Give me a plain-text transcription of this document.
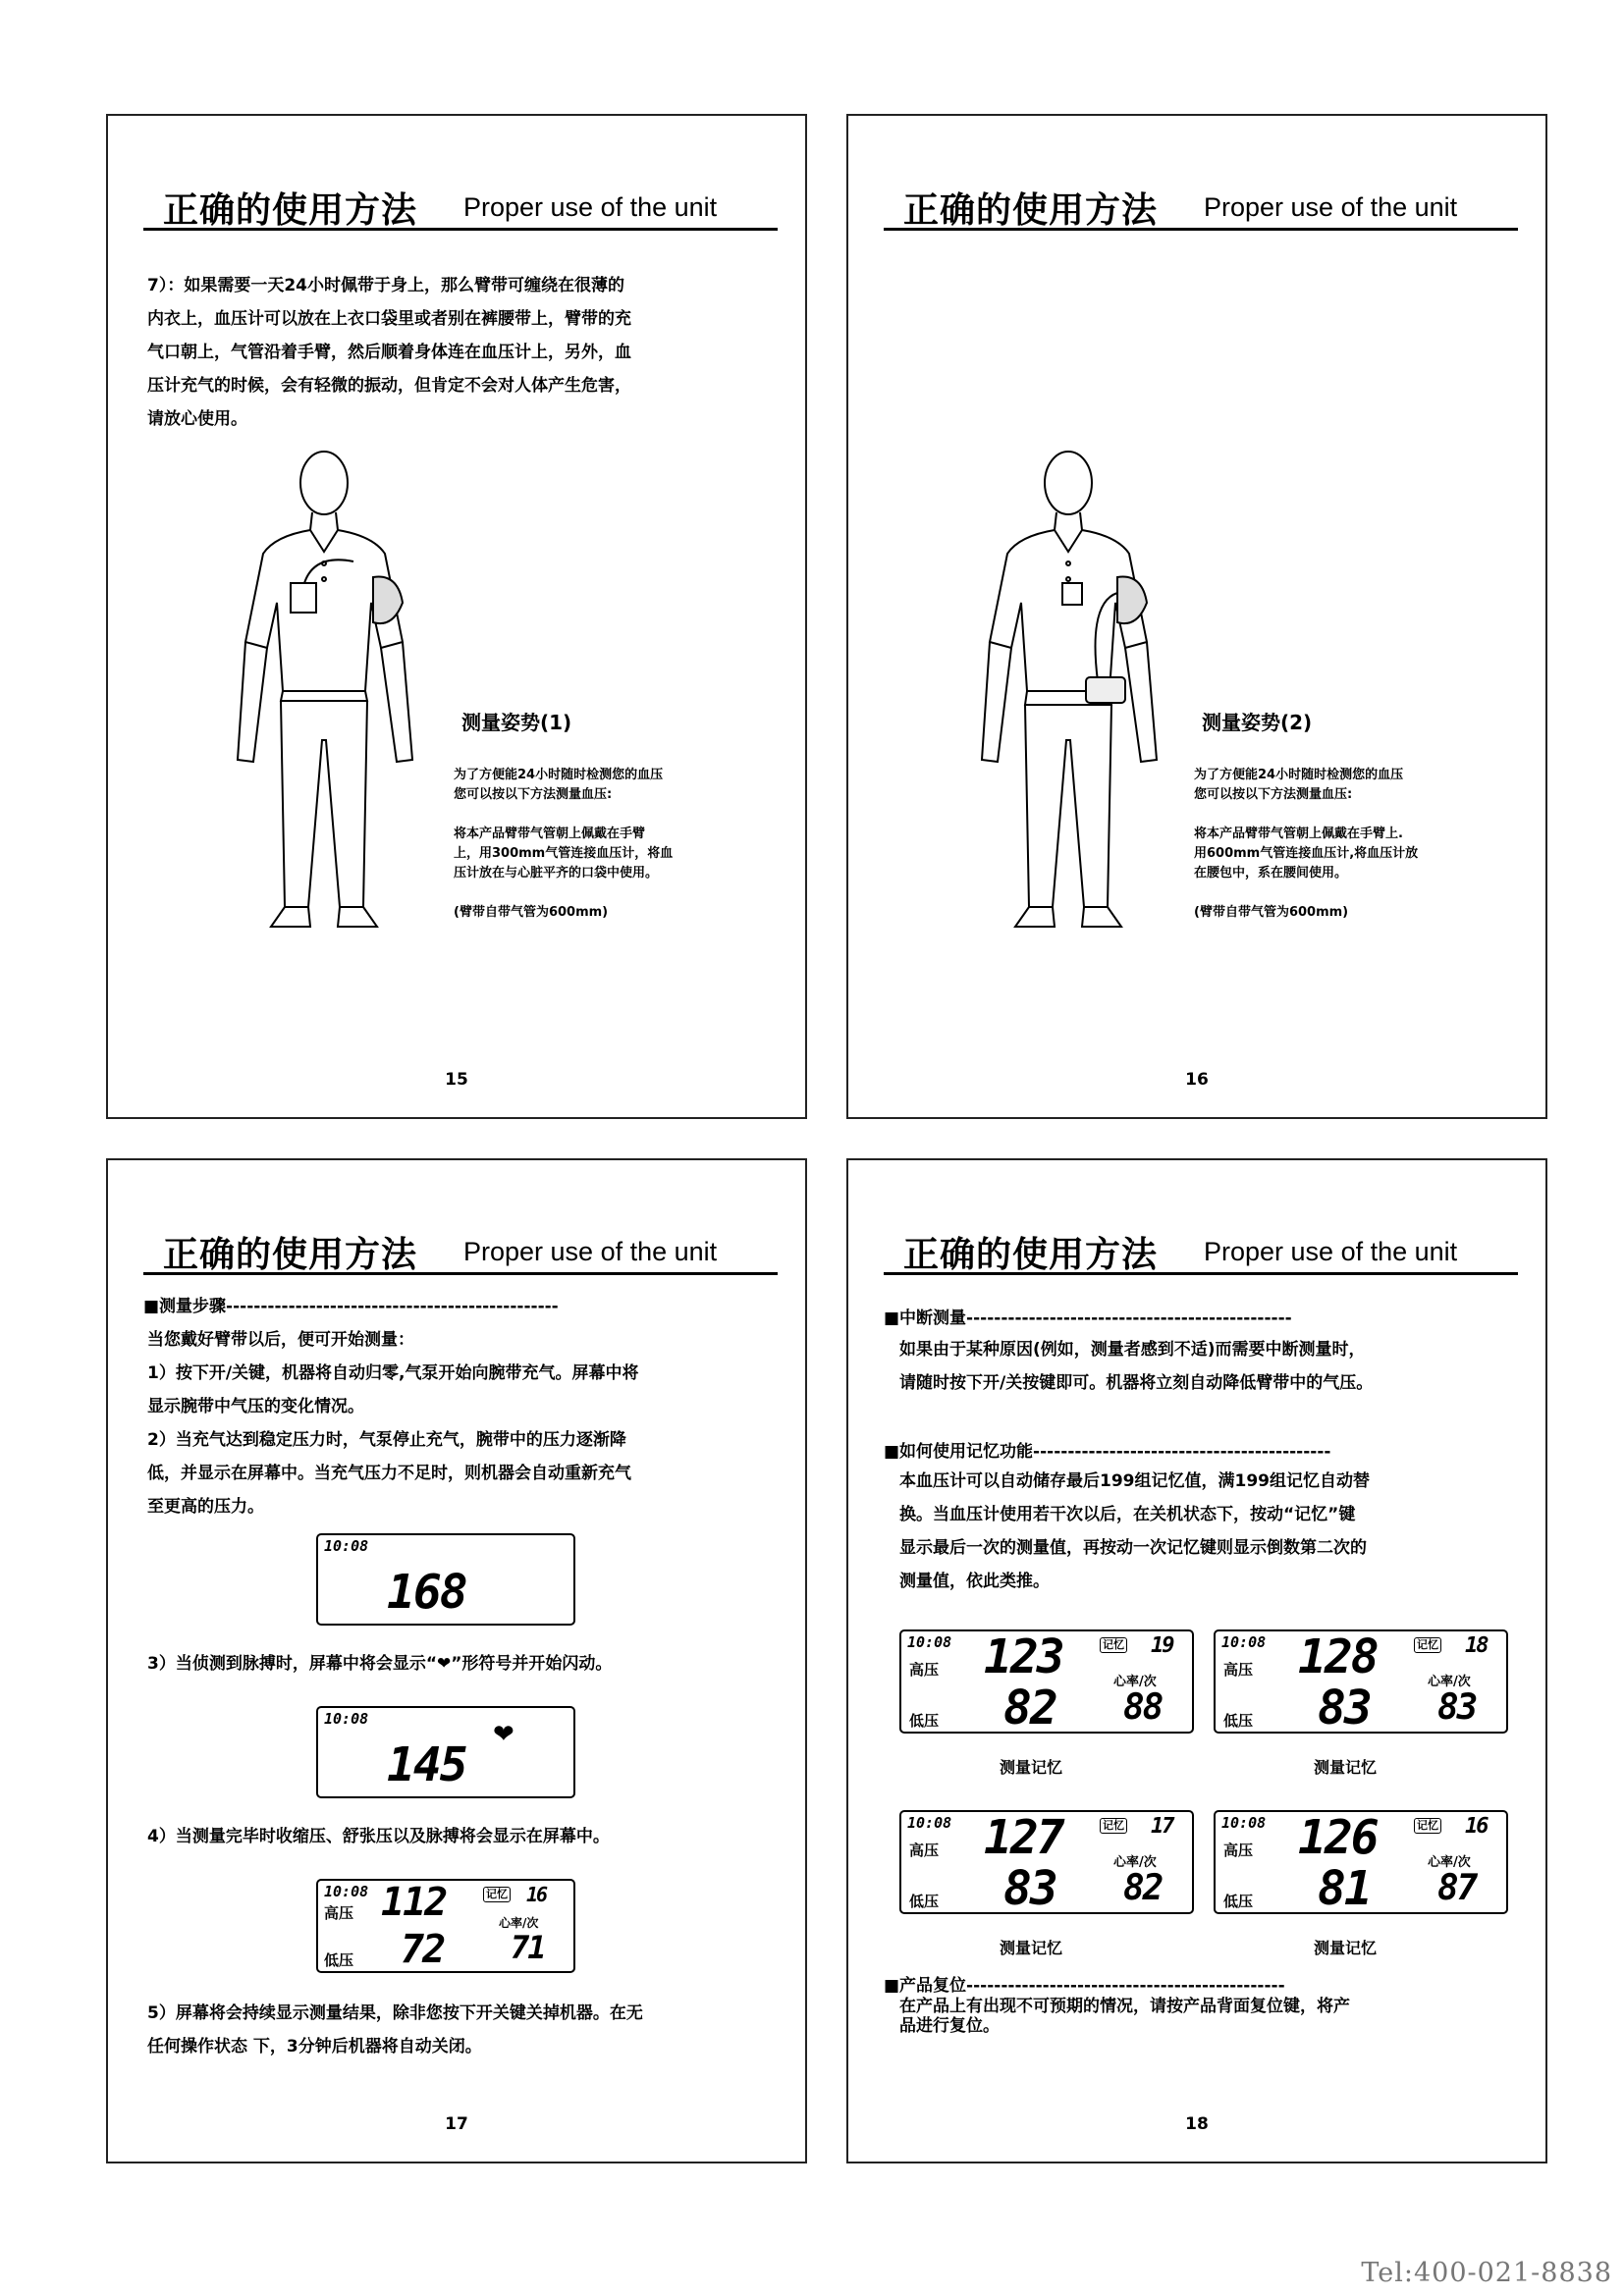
正确的使用方法 Proper use of the unit
7）：如果需要一天24小时佩带于身上，那么臂带可缠绕在很薄的
内衣上，血压计可以放在上衣口袋里或者别在裤腰带上，臂带的充
气口朝上，气管沿着手臂，然后顺着身体连在血压计上，另外，血
压计充气的时候，会有轻微的振动，但肯定不会对人体产生危害，
请放心使用。
测量姿势(1)
为了方便能24小时随时检测您的血压
您可以按以下方法测量血压:

将本产品臂带气管朝上佩戴在手臂
上，用300mm气管连接血压计，将血
压计放在与心脏平齐的口袋中使用。

(臂带自带气管为600mm)
15
正确的使用方法 Proper use of the unit
测量姿势(2)
为了方便能24小时随时检测您的血压
您可以按以下方法测量血压:

将本产品臂带气管朝上佩戴在手臂上.
用600mm气管连接血压计,将血压计放
在腰包中，系在腰间使用。

(臂带自带气管为600mm)
16
正确的使用方法 Proper use of the unit
■测量步骤------------------------------------------------
当您戴好臂带以后，便可开始测量：
1）按下开/关键，机器将自动归零,气泵开始向腕带充气。屏幕中将
显示腕带中气压的变化情况。
2）当充气达到稳定压力时，气泵停止充气，腕带中的压力逐渐降
低，并显示在屏幕中。当充气压力不足时，则机器会自动重新充气
至更高的压力。
10:08
168
3）当侦测到脉搏时，屏幕中将会显示“❤”形符号并开始闪动。
10:08
145
❤
4）当测量完毕时收缩压、舒张压以及脉搏将会显示在屏幕中。
10:08
高压
低压
112
72
记忆 16
心率/次
71
5）屏幕将会持续显示测量结果，除非您按下开关键关掉机器。在无
任何操作状态 下，3分钟后机器将自动关闭。
17
正确的使用方法 Proper use of the unit
■中断测量-----------------------------------------------
如果由于某种原因(例如，测量者感到不适)而需要中断测量时，
请随时按下开/关按键即可。机器将立刻自动降低臂带中的气压。
■如何使用记忆功能-------------------------------------------
本血压计可以自动储存最后199组记忆值，满199组记忆自动替
换。当血压计使用若干次以后，在关机状态下，按动“记忆”键
显示最后一次的测量值，再按动一次记忆键则显示倒数第二次的
测量值，依此类推。
10:08
高压
低压
123
82
记忆 19
心率/次
88
测量记忆
10:08
高压
低压
128
83
记忆 18
心率/次
83
测量记忆
10:08
高压
低压
127
83
记忆 17
心率/次
82
测量记忆
10:08
高压
低压
126
81
记忆 16
心率/次
87
测量记忆
■产品复位----------------------------------------------
在产品上有出现不可预期的情况，请按产品背面复位键，将产
品进行复位。
18
Tel:400-021-8838
